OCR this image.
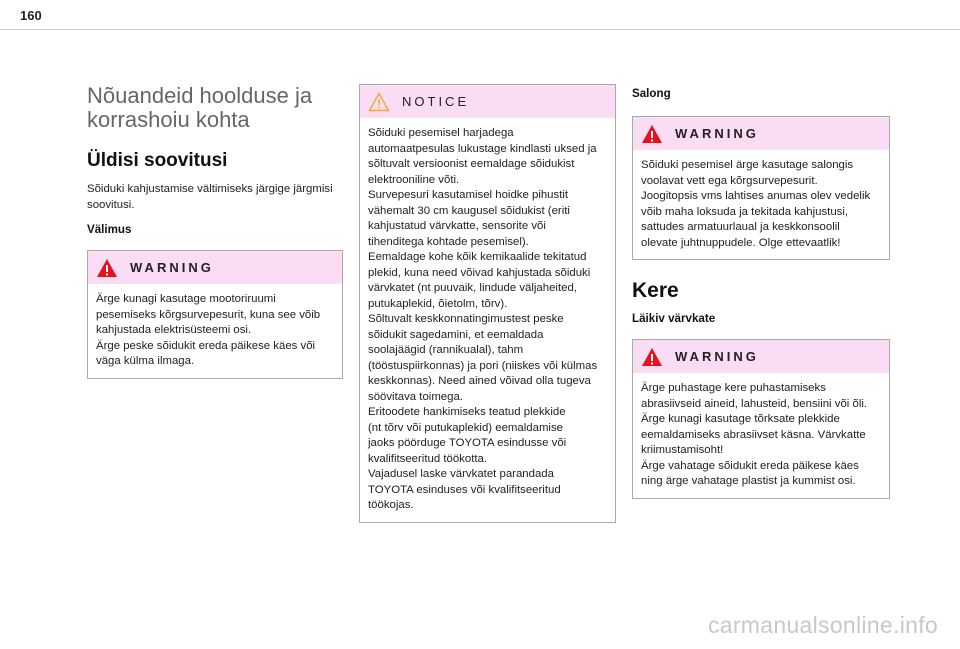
160
Nõuandeid hoolduse ja
korrashoiu kohta
Üldisi soovitusi

Sõiduki kahjustamise vältimiseks järgige järgmisi soovitusi.

Välimus
WARNING

Ärge kunagi kasutage mootoriruumi

pesemiseks kõrgsurvepesurit, kuna see võib

kahjustada elektrisüsteemi osi.

Ärge peske sõidukit ereda päikese käes või

väga külma ilmaga.

NOTICE

Sõiduki pesemisel harjadega

automaatpesulas lukustage kindlasti uksed ja

sõltuvalt versioonist eemaldage sõidukist

elektrooniline võti.

Survepesuri kasutamisel hoidke pihustit

vähemalt 30 cm kaugusel sõidukist (eriti

kahjustatud värvkatte, sensorite või

tihenditega kohtade pesemisel).

Eemaldage kohe kõik kemikaalide tekitatud

plekid, kuna need võivad kahjustada sõiduki

värvkatet (nt puuvaik, lindude väljaheited,

putukaplekid, õietolm, tõrv).

Sõltuvalt keskkonnatingimustest peske

sõidukit sagedamini, et eemaldada

soolajäägid (rannikualal), tahm

(tööstuspiirkonnas) ja pori (niiskes või külmas

keskkonnas). Need ained võivad olla tugeva

söövitava toimega.

Eritoodete hankimiseks teatud plekkide

(nt tõrv või putukaplekid) eemaldamise

jaoks pöörduge TOYOTA esindusse või

kvalifitseeritud töökotta.

Vajadusel laske värvkatet parandada

TOYOTA esinduses või kvalifitseeritud

töökojas.

Salong
WARNING

Sõiduki pesemisel ärge kasutage salongis

voolavat vett ega kõrgsurvepesurit.

Joogitopsis vms lahtises anumas olev vedelik

võib maha loksuda ja tekitada kahjustusi,

sattudes armatuurlaual ja keskkonsoolil

olevate juhtnuppudele. Olge ettevaatlik!

Kere
Läikiv värvkate
WARNING

Ärge puhastage kere puhastamiseks

abrasiivseid aineid, lahusteid, bensiini või õli.

Ärge kunagi kasutage tõrksate plekkide

eemaldamiseks abrasiivset käsna. Värvkatte

kriimustamisoht!

Ärge vahatage sõidukit ereda päikese käes

ning ärge vahatage plastist ja kummist osi.

carmanualsonline.info
